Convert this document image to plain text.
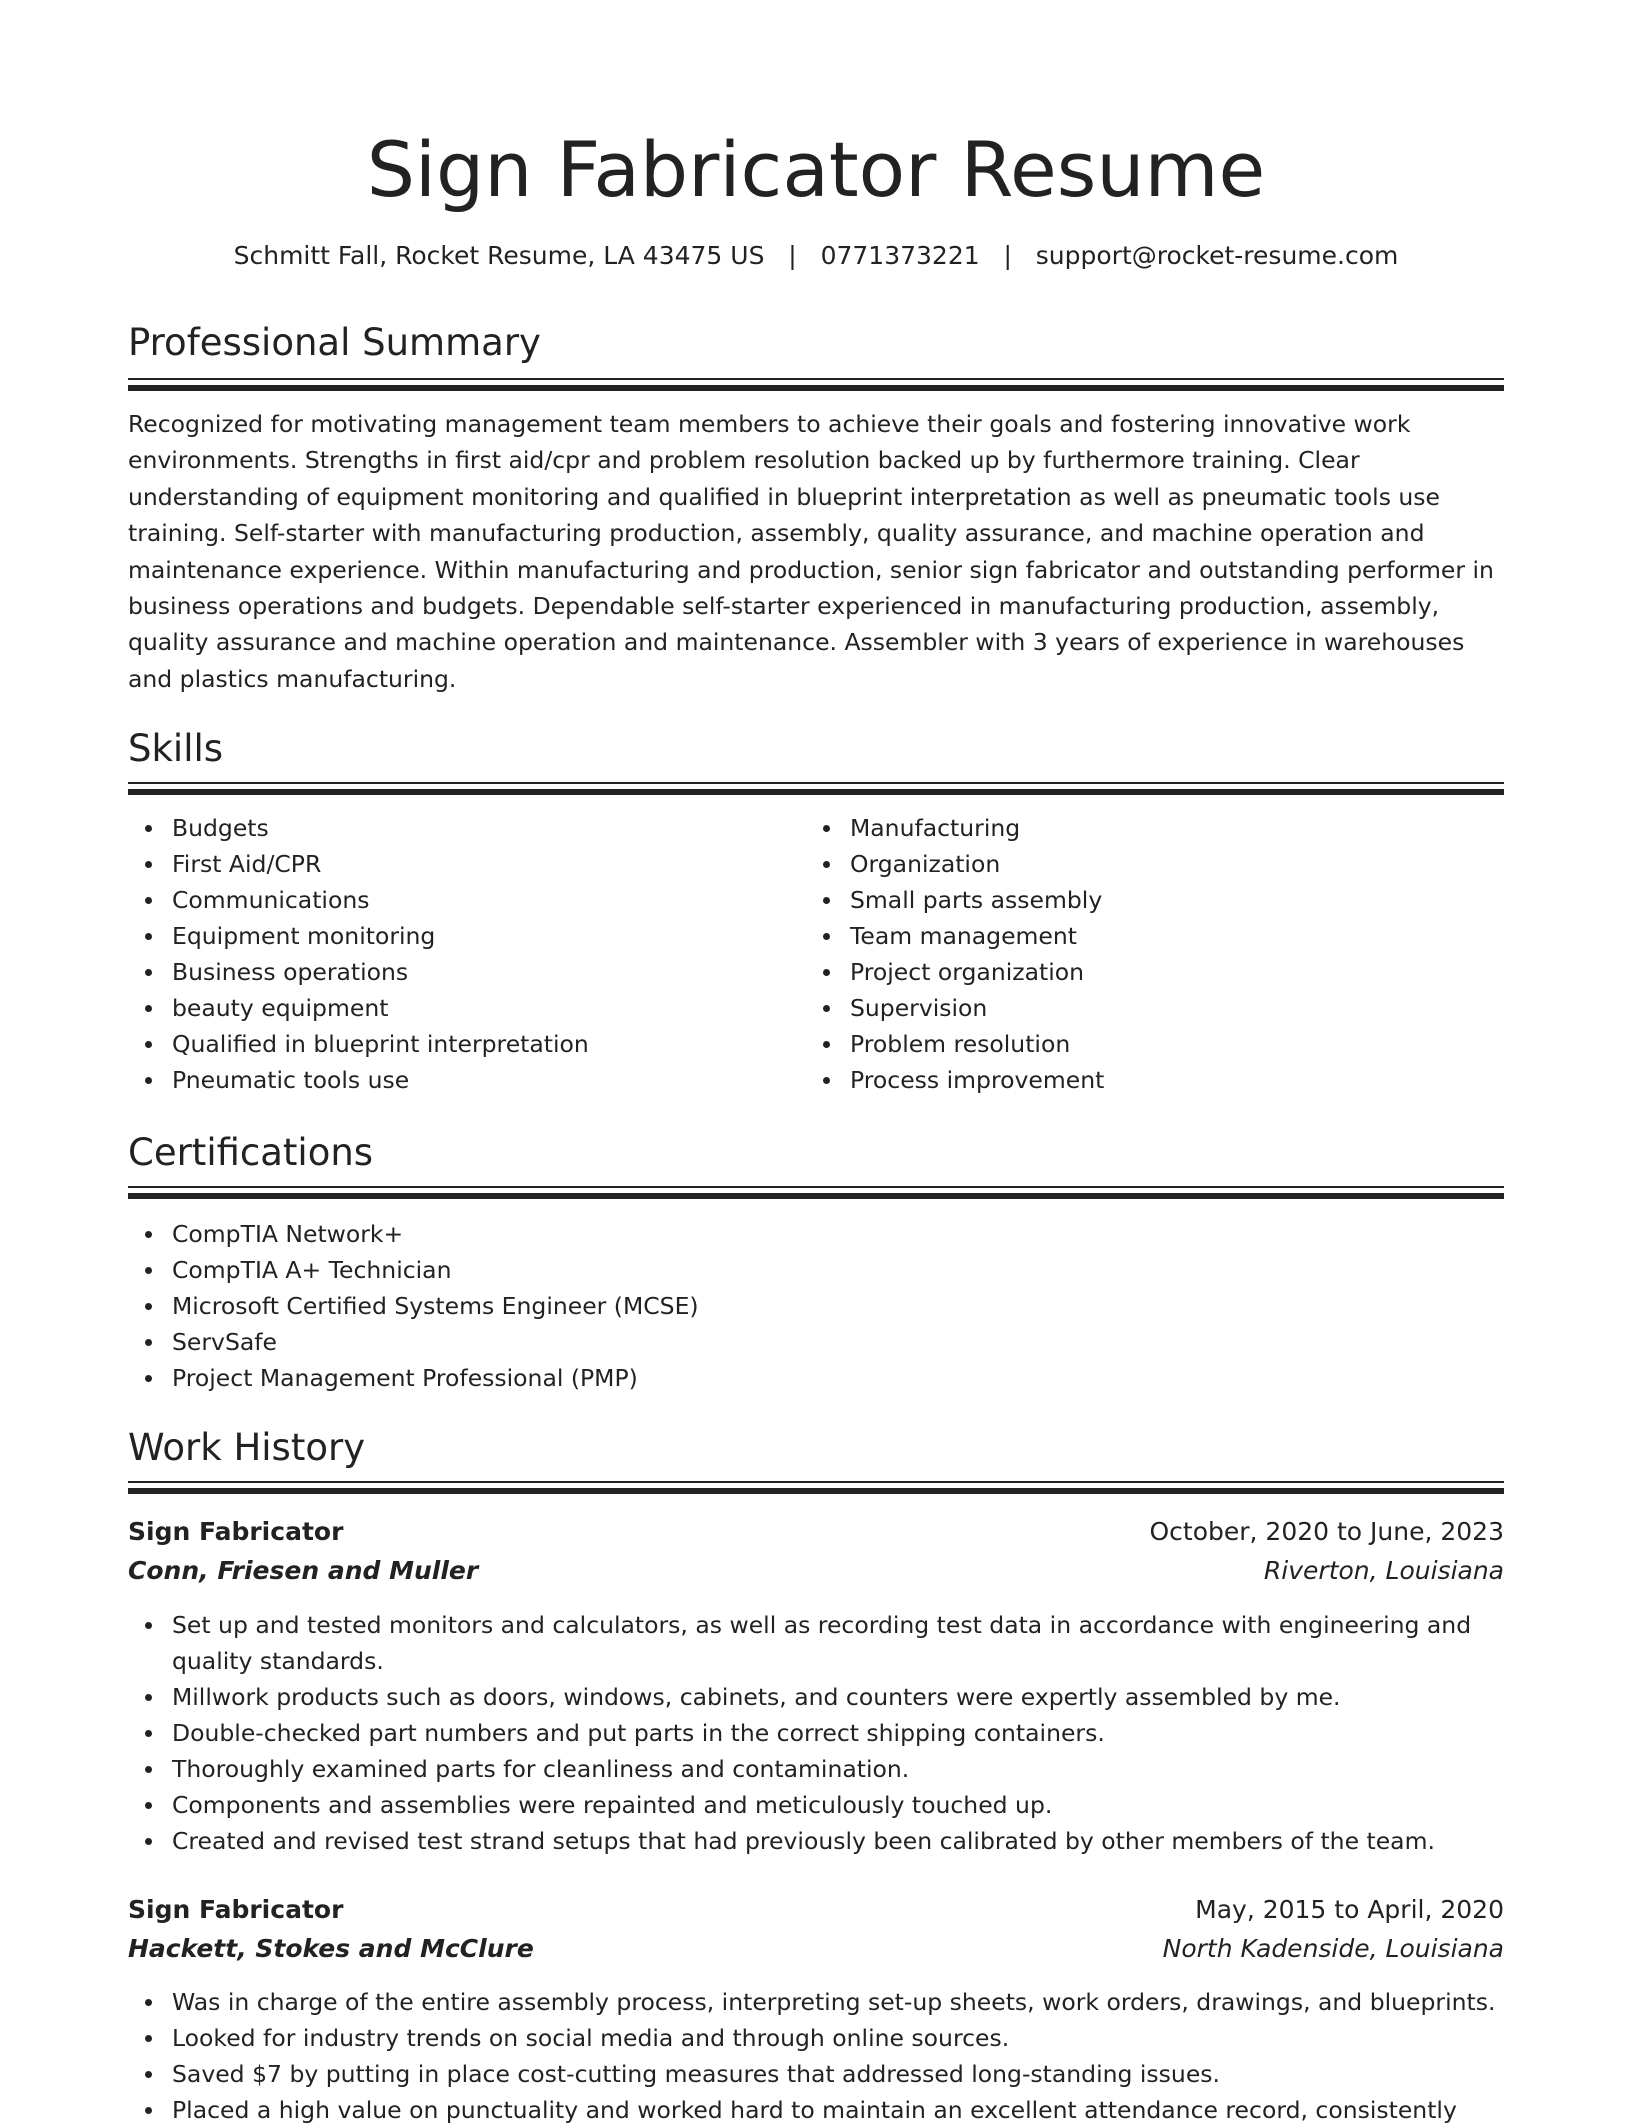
Sign Fabricator Resume
Schmitt Fall, Rocket Resume, LA 43475 US | 0771373221 | support@rocket-resume.com
Professional Summary

Recognized for motivating management team members to achieve their goals and fostering innovative work environments. Strengths in first aid/cpr and problem resolution backed up by furthermore training. Clear understanding of equipment monitoring and qualified in blueprint interpretation as well as pneumatic tools use training. Self-starter with manufacturing production, assembly, quality assurance, and machine operation and maintenance experience. Within manufacturing and production, senior sign fabricator and outstanding performer in business operations and budgets. Dependable self-starter experienced in manufacturing production, assembly, quality assurance and machine operation and maintenance. Assembler with 3 years of experience in warehouses and plastics manufacturing.

Skills
Budgets
First Aid/CPR
Communications
Equipment monitoring
Business operations
beauty equipment
Qualified in blueprint interpretation
Pneumatic tools use
Manufacturing
Organization
Small parts assembly
Team management
Project organization
Supervision
Problem resolution
Process improvement
Certifications
CompTIA Network+
CompTIA A+ Technician
Microsoft Certified Systems Engineer (MCSE)
ServSafe
Project Management Professional (PMP)
Work History
Sign Fabricator	October, 2020 to June, 2023
Conn, Friesen and Muller	Riverton, Louisiana
Set up and tested monitors and calculators, as well as recording test data in accordance with engineering and quality standards.
Millwork products such as doors, windows, cabinets, and counters were expertly assembled by me.
Double-checked part numbers and put parts in the correct shipping containers.
Thoroughly examined parts for cleanliness and contamination.
Components and assemblies were repainted and meticulously touched up.
Created and revised test strand setups that had previously been calibrated by other members of the team.
Sign Fabricator	May, 2015 to April, 2020
Hackett, Stokes and McClure	North Kadenside, Louisiana
Was in charge of the entire assembly process, interpreting set-up sheets, work orders, drawings, and blueprints.
Looked for industry trends on social media and through online sources.
Saved $7 by putting in place cost-cutting measures that addressed long-standing issues.
Placed a high value on punctuality and worked hard to maintain an excellent attendance record, consistently
